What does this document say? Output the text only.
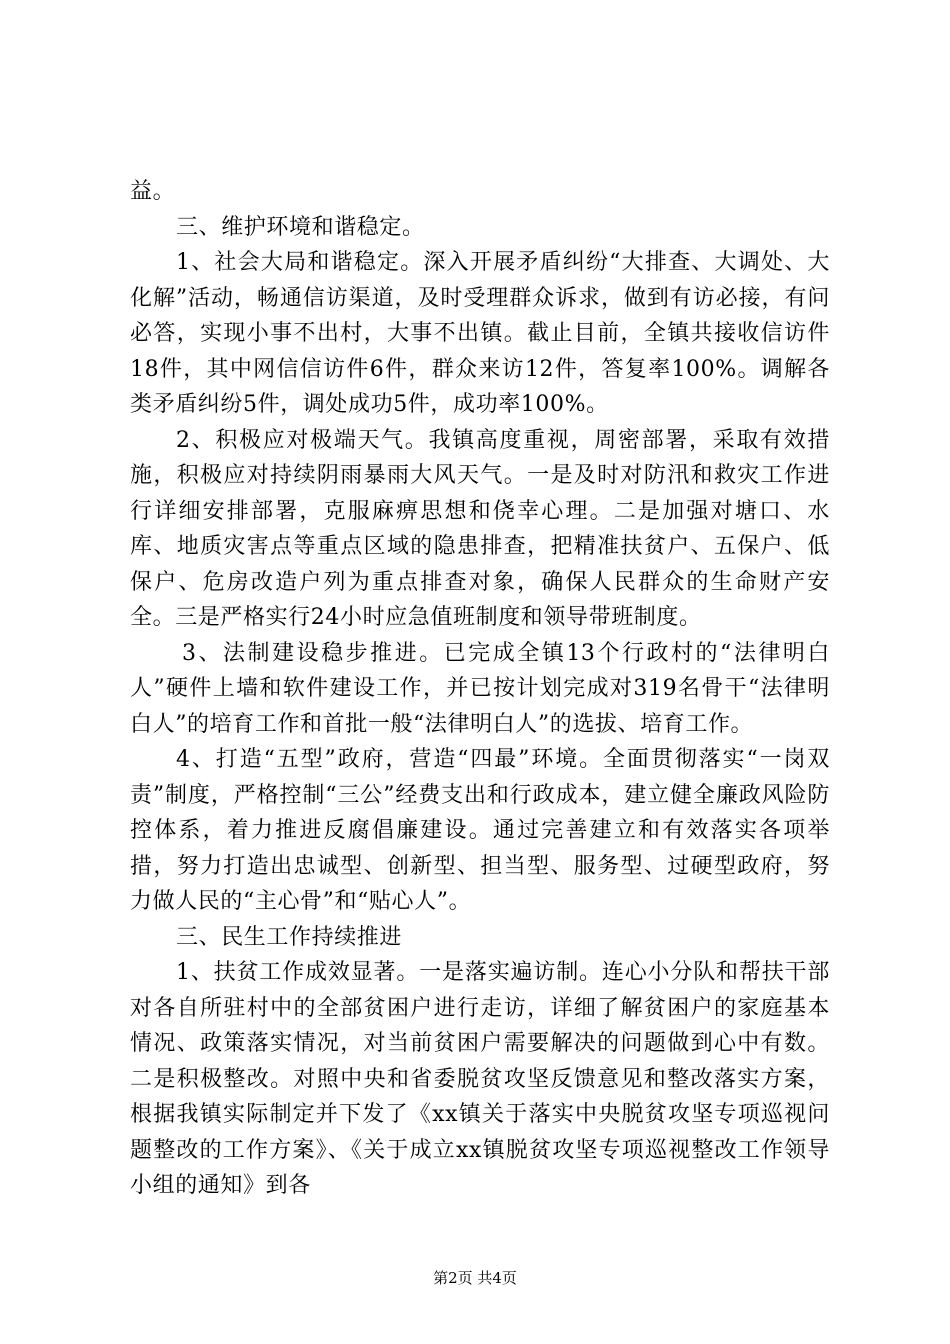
益。

三、维护环境和谐稳定。

1、社会大局和谐稳定。深入开展矛盾纠纷“大排查、大调处、大化解”活动，畅通信访渠道，及时受理群众诉求，做到有访必接，有问必答，实现小事不出村，大事不出镇。截止目前，全镇共接收信访件18件，其中网信信访件6件，群众来访12件，答复率100%。调解各类矛盾纠纷5件，调处成功5件，成功率100%。

2、积极应对极端天气。我镇高度重视，周密部署，采取有效措施，积极应对持续阴雨暴雨大风天气。一是及时对防汛和救灾工作进行详细安排部署，克服麻痹思想和侥幸心理。二是加强对塘口、水库、地质灾害点等重点区域的隐患排查，把精准扶贫户、五保户、低保户、危房改造户列为重点排查对象，确保人民群众的生命财产安全。三是严格实行24小时应急值班制度和领导带班制度。

3、法制建设稳步推进。已完成全镇13个行政村的“法律明白人”硬件上墙和软件建设工作，并已按计划完成对319名骨干“法律明白人”的培育工作和首批一般“法律明白人”的选拔、培育工作。

4、打造“五型”政府，营造“四最”环境。全面贯彻落实“一岗双责”制度，严格控制“三公”经费支出和行政成本，建立健全廉政风险防控体系，着力推进反腐倡廉建设。通过完善建立和有效落实各项举措，努力打造出忠诚型、创新型、担当型、服务型、过硬型政府，努力做人民的“主心骨”和“贴心人”。

三、民生工作持续推进

1、扶贫工作成效显著。一是落实遍访制。连心小分队和帮扶干部对各自所驻村中的全部贫困户进行走访，详细了解贫困户的家庭基本情况、政策落实情况，对当前贫困户需要解决的问题做到心中有数。二是积极整改。对照中央和省委脱贫攻坚反馈意见和整改落实方案，根据我镇实际制定并下发了《xx镇关于落实中央脱贫攻坚专项巡视问题整改的工作方案》、《关于成立xx镇脱贫攻坚专项巡视整改工作领导小组的通知》到各

第2页 共4页
